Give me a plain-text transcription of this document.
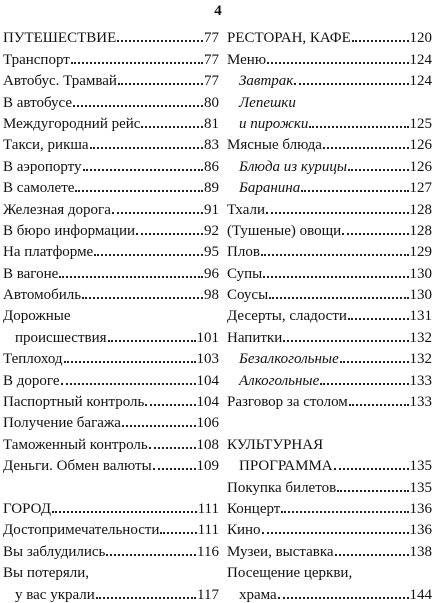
4
ПУТЕШЕСТВИЕ	77
Транспорт	77
Автобус. Трамвай	77
В автобусе	80
Междугородний рейс	81
Такси, рикша	83
В аэропорту	86
В самолете	89
Железная дорога	91
В бюро информации	92
На платформе	95
В вагоне	96
Автомобиль	98
Дорожные
происшествия	101
Теплоход	103
В дороге	104
Паспортный контроль	104
Получение багажа	106
Таможенный контроль	108
Деньги. Обмен валюты	109
ГОРОД	111
Достопримечательности	111
Вы заблудились	116
Вы потеряли,
у вас украли	117
РЕСТОРАН, КАФЕ	120
Меню	124
Завтрак	124
Лепешки
и пирожки	125
Мясные блюда	126
Блюда из курицы	126
Баранина	127
Тхали	128
(Тушеные) овощи	128
Плов	129
Супы	130
Соусы	130
Десерты, сладости	131
Напитки	132
Безалкогольные	132
Алкогольные	133
Разговор за столом	133
КУЛЬТУРНАЯ
ПРОГРАММА	135
Покупка билетов	135
Концерт	136
Кино	136
Музеи, выставка	138
Посещение церкви,
храма	144
